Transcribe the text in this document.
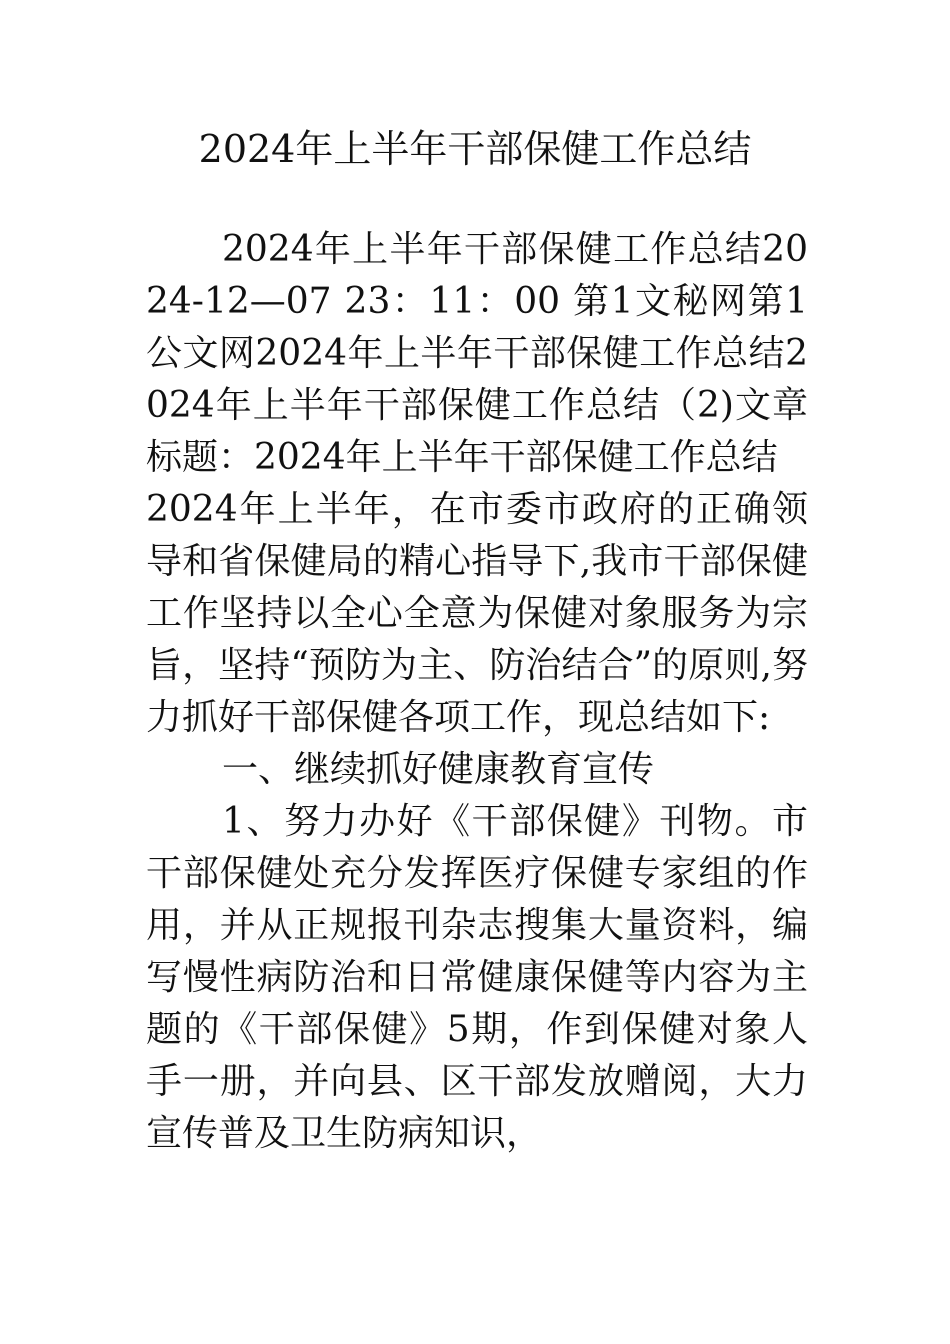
2024年上半年干部保健工作总结

2024年上半年干部保健工作总结2024-12—07 23：11：00 第1文秘网第1公文网2024年上半年干部保健工作总结2024年上半年干部保健工作总结（2)文章标题：2024年上半年干部保健工作总结

2024年上半年，在市委市政府的正确领导和省保健局的精心指导下,我市干部保健工作坚持以全心全意为保健对象服务为宗旨，坚持“预防为主、防治结合”的原则,努力抓好干部保健各项工作，现总结如下:

一、继续抓好健康教育宣传

1、努力办好《干部保健》刊物。市干部保健处充分发挥医疗保健专家组的作用，并从正规报刊杂志搜集大量资料，编写慢性病防治和日常健康保健等内容为主题的《干部保健》5期，作到保健对象人手一册，并向县、区干部发放赠阅，大力宣传普及卫生防病知识，
